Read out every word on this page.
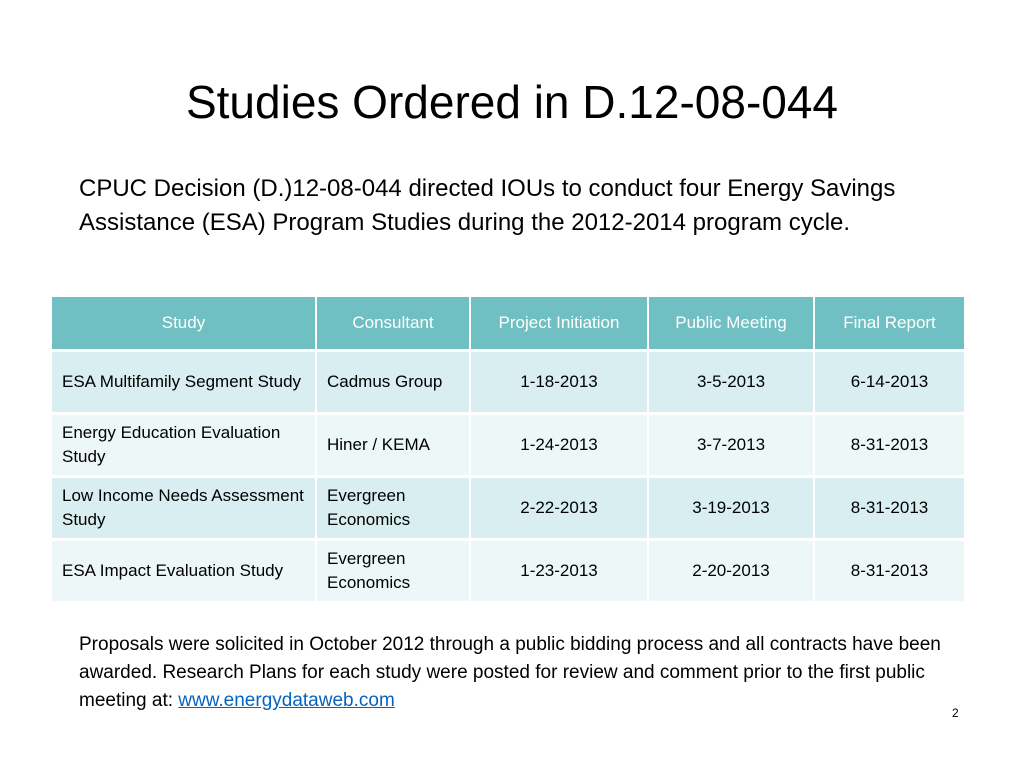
Studies Ordered in D.12-08-044
CPUC Decision (D.)12-08-044 directed IOUs to conduct four Energy Savings Assistance (ESA) Program Studies during the 2012-2014 program cycle.
Study	Consultant	Project Initiation	Public Meeting	Final Report
ESA Multifamily Segment Study	Cadmus Group	1-18-2013	3-5-2013	6-14-2013
Energy Education Evaluation Study	Hiner / KEMA	1-24-2013	3-7-2013	8-31-2013
Low Income Needs Assessment Study	Evergreen Economics	2-22-2013	3-19-2013	8-31-2013
ESA Impact Evaluation Study	Evergreen Economics	1-23-2013	2-20-2013	8-31-2013
Proposals were solicited in October 2012 through a public bidding process and all contracts have been awarded. Research Plans for each study were posted for review and comment prior to the first public meeting at: www.energydataweb.com
2
